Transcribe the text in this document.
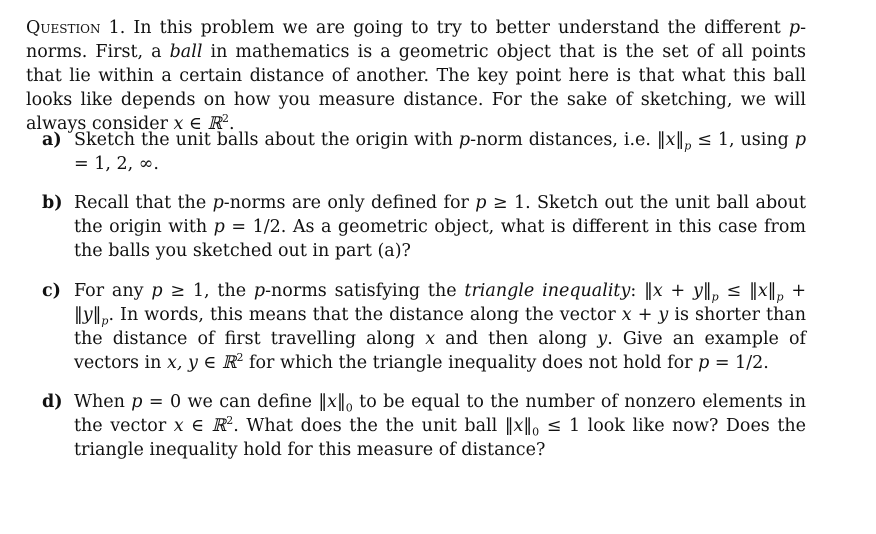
Question 1. In this problem we are going to try to better understand the different p-norms. First, a ball in mathematics is a geometric object that is the set of all points that lie within a certain distance of another. The key point here is that what this ball looks like depends on how you measure distance. For the sake of sketching, we will always consider x ∈ ℝ$^2$.
a) Sketch the unit balls about the origin with p-norm distances, i.e. $‖x‖_p \le 1$, using p = 1, 2, ∞.
b) Recall that the p-norms are only defined for p ≥ 1. Sketch out the unit ball about the origin with p = 1/2. As a geometric object, what is different in this case from the balls you sketched out in part (a)?
c) For any p ≥ 1, the p-norms satisfying the triangle inequality: ‖x + $y‖_p$ ≤ $‖x‖_p$ + $‖y‖_p$. In words, this means that the distance along the vector x + y is shorter than the distance of first travelling along x and then along y. Give an example of vectors in x, y ∈ ℝ$^2$ for which the triangle inequality does not hold for p = 1/2.
d) When p = 0 we can define $‖x‖_0$ to be equal to the number of nonzero elements in the vector x ∈ ℝ$^2$. What does the the unit ball $‖x‖_0 \le 1$ look like now? Does the triangle inequality hold for this measure of distance?
